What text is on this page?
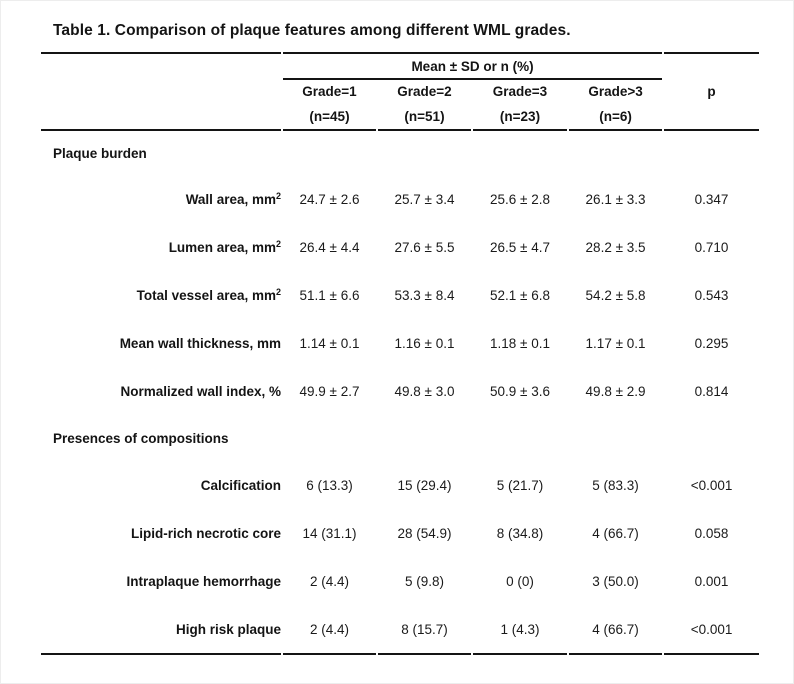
Table 1. Comparison of plaque features among different WML grades.
	Mean ± SD or n (%)				
	Grade=1	Grade=2	Grade=3	Grade>3	p
	(n=45)	(n=51)	(n=23)	(n=6)	
Plaque burden					
Wall area, $mm^2$	24.7 ± 2.6	25.7 ± 3.4	25.6 ± 2.8	26.1 ± 3.3	0.347
Lumen area, $mm^2$	26.4 ± 4.4	27.6 ± 5.5	26.5 ± 4.7	28.2 ± 3.5	0.710
Total vessel area, $mm^2$	51.1 ± 6.6	53.3 ± 8.4	52.1 ± 6.8	54.2 ± 5.8	0.543
Mean wall thickness, mm	1.14 ± 0.1	1.16 ± 0.1	1.18 ± 0.1	1.17 ± 0.1	0.295
Normalized wall index, %	49.9 ± 2.7	49.8 ± 3.0	50.9 ± 3.6	49.8 ± 2.9	0.814
Presences of compositions					
Calcification	6 (13.3)	15 (29.4)	5 (21.7)	5 (83.3)	<0.001
Lipid-rich necrotic core	14 (31.1)	28 (54.9)	8 (34.8)	4 (66.7)	0.058
Intraplaque hemorrhage	2 (4.4)	5 (9.8)	0 (0)	3 (50.0)	0.001
High risk plaque	2 (4.4)	8 (15.7)	1 (4.3)	4 (66.7)	<0.001
